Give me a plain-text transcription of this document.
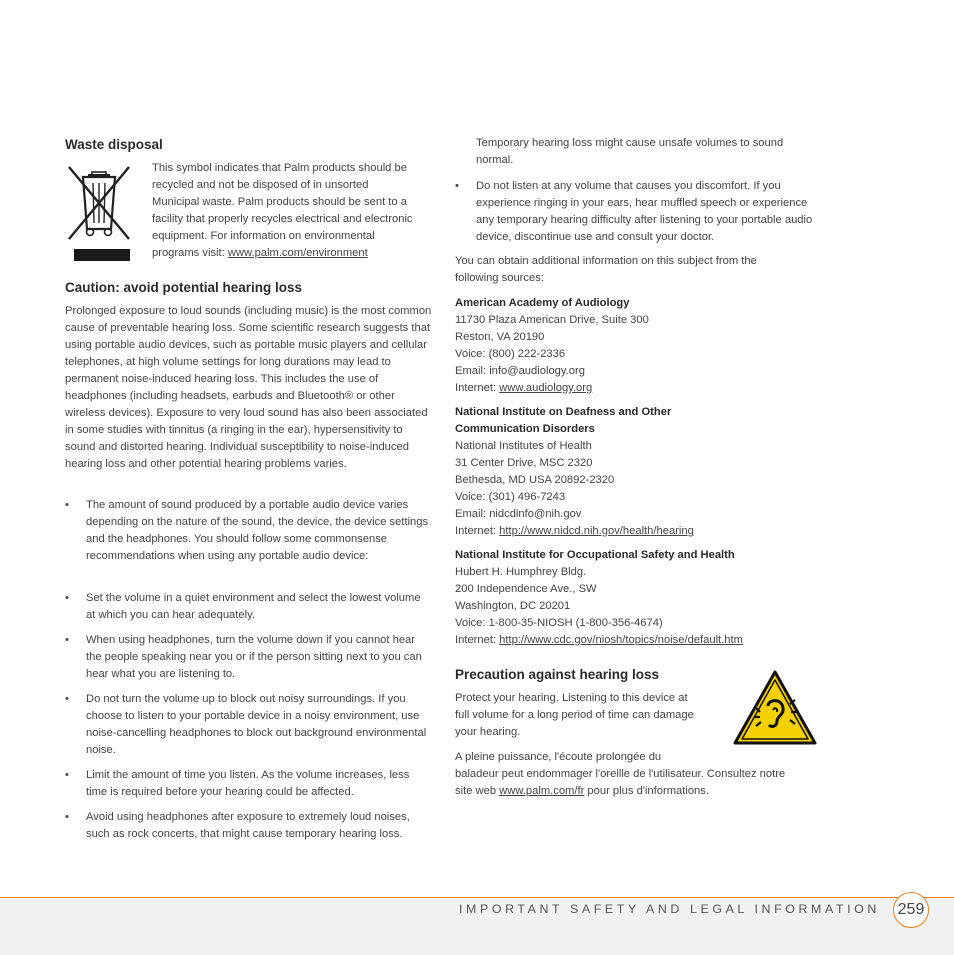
Waste disposal
This symbol indicates that Palm products should be
recycled and not be disposed of in unsorted
Municipal waste. Palm products should be sent to a
facility that properly recycles electrical and electronic
equipment. For information on environmental
programs visit: www.palm.com/environment
Caution: avoid potential hearing loss

Prolonged exposure to loud sounds (including music) is the most common cause of preventable hearing loss. Some scientific research suggests that using portable audio devices, such as portable music players and cellular telephones, at high volume settings for long durations may lead to permanent noise-induced hearing loss. This includes the use of headphones (including headsets, earbuds and Bluetooth® or other wireless devices). Exposure to very loud sound has also been associated in some studies with tinnitus (a ringing in the ear), hypersensitivity to sound and distorted hearing. Individual susceptibility to noise-induced hearing loss and other potential hearing problems varies.

•	The amount of sound produced by a portable audio device varies depending on the nature of the sound, the device, the device settings and the headphones. You should follow some commonsense recommendations when using any portable audio device:
•	Set the volume in a quiet environment and select the lowest volume at which you can hear adequately.
•	When using headphones, turn the volume down if you cannot hear the people speaking near you or if the person sitting next to you can hear what you are listening to.
•	Do not turn the volume up to block out noisy surroundings. If you choose to listen to your portable device in a noisy environment, use noise-cancelling headphones to block out background environmental noise.
•	Limit the amount of time you listen. As the volume increases, less time is required before your hearing could be affected.
•	Avoid using headphones after exposure to extremely loud noises, such as rock concerts, that might cause temporary hearing loss.

Temporary hearing loss might cause unsafe volumes to sound normal.

•	Do not listen at any volume that causes you discomfort. If you experience ringing in your ears, hear muffled speech or experience any temporary hearing difficulty after listening to your portable audio device, discontinue use and consult your doctor.

You can obtain additional information on this subject from the following sources:

American Academy of Audiology
11730 Plaza American Drive, Suite 300
Reston, VA 20190
Voice: (800) 222-2336
Email: info@audiology.org
Internet: www.audiology.org
National Institute on Deafness and Other
Communication Disorders
National Institutes of Health
31 Center Drive, MSC 2320
Bethesda, MD USA 20892-2320
Voice: (301) 496-7243
Email: nidcdinfo@nih.gov
Internet: http://www.nidcd.nih.gov/health/hearing
National Institute for Occupational Safety and Health
Hubert H. Humphrey Bldg.
200 Independence Ave., SW
Washington, DC 20201
Voice: 1-800-35-NIOSH (1-800-356-4674)
Internet: http://www.cdc.gov/niosh/topics/noise/default.htm
Precaution against hearing loss
Protect your hearing. Listening to this device at
full volume for a long period of time can damage
your hearing.
A pleine puissance, l'écoute prolongée du
baladeur peut endommager l'oreille de l'utilisateur. Consultez notre
site web www.palm.com/fr pour plus d'informations.
IMPORTANT SAFETY AND LEGAL INFORMATION 259
